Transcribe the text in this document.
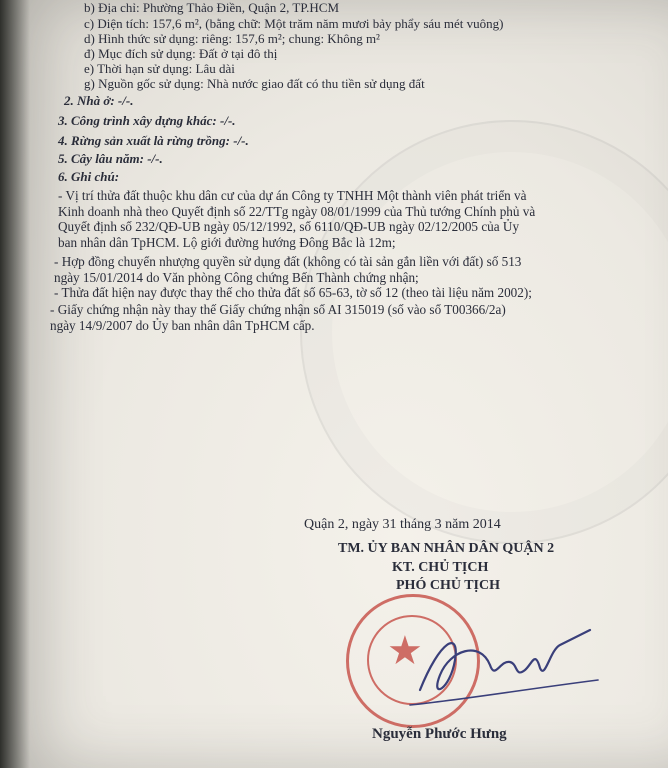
b) Địa chỉ: Phường Thảo Điền, Quận 2, TP.HCM
c) Diện tích: 157,6 m², (bằng chữ: Một trăm năm mươi bảy phẩy sáu mét vuông)
d) Hình thức sử dụng: riêng: 157,6 m²; chung: Không m²
đ) Mục đích sử dụng: Đất ở tại đô thị
e) Thời hạn sử dụng: Lâu dài
g) Nguồn gốc sử dụng: Nhà nước giao đất có thu tiền sử dụng đất
2. Nhà ở: -/-.
3. Công trình xây dựng khác: -/-.
4. Rừng sản xuất là rừng trồng: -/-.
5. Cây lâu năm: -/-.
6. Ghi chú:
- Vị trí thửa đất thuộc khu dân cư của dự án Công ty TNHH Một thành viên phát triển và
Kinh doanh nhà theo Quyết định số 22/TTg ngày 08/01/1999 của Thủ tướng Chính phủ và
Quyết định số 232/QĐ-UB ngày 05/12/1992, số 6110/QĐ-UB ngày 02/12/2005 của Ủy
ban nhân dân TpHCM. Lộ giới đường hướng Đông Bắc là 12m;
- Hợp đồng chuyển nhượng quyền sử dụng đất (không có tài sản gắn liền với đất) số 513
ngày 15/01/2014 do Văn phòng Công chứng Bến Thành chứng nhận;
- Thửa đất hiện nay được thay thế cho thửa đất số 65-63, tờ số 12 (theo tài liệu năm 2002);
- Giấy chứng nhận này thay thế Giấy chứng nhận số AI 315019 (số vào sổ T00366/2a)
ngày 14/9/2007 do Ủy ban nhân dân TpHCM cấp.
Quận 2, ngày 31 tháng 3 năm 2014
TM. ỦY BAN NHÂN DÂN QUẬN 2
KT. CHỦ TỊCH
PHÓ CHỦ TỊCH
★
Nguyễn Phước Hưng
